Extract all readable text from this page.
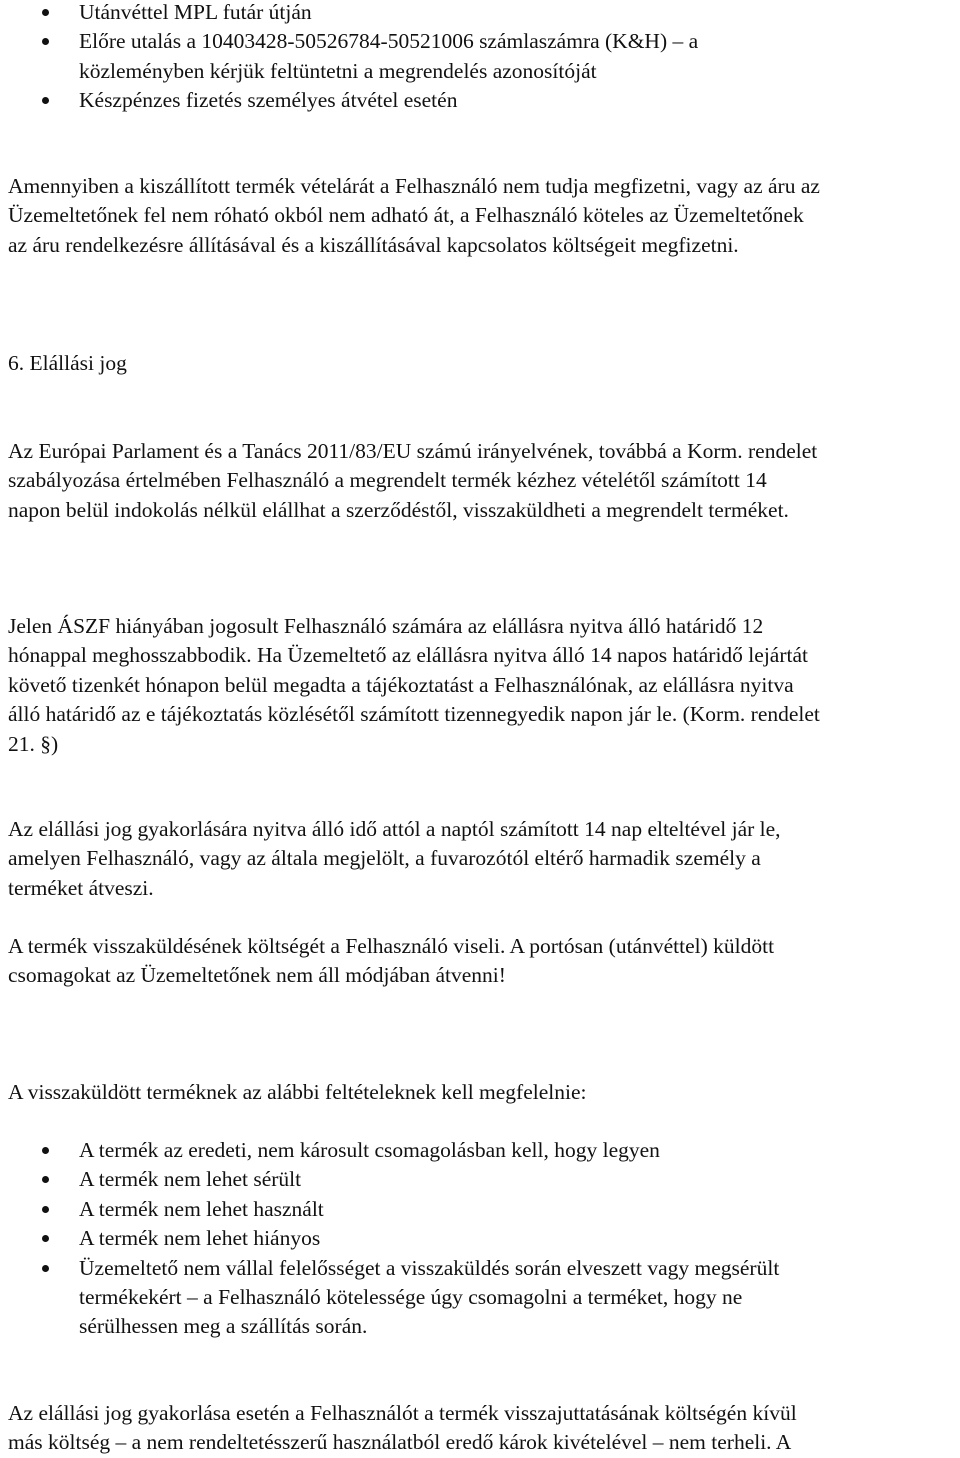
Utánvéttel MPL futár útján
Előre utalás a 10403428-50526784-50521006 számlaszámra (K&H) – a
közleményben kérjük feltüntetni a megrendelés azonosítóját
Készpénzes fizetés személyes átvétel esetén

Amennyiben a kiszállított termék vételárát a Felhasználó nem tudja megfizetni, vagy az áru az
Üzemeltetőnek fel nem róható okból nem adható át, a Felhasználó köteles az Üzemeltetőnek
az áru rendelkezésre állításával és a kiszállításával kapcsolatos költségeit megfizetni.

6. Elállási jog

Az Európai Parlament és a Tanács 2011/83/EU számú irányelvének, továbbá a Korm. rendelet
szabályozása értelmében Felhasználó a megrendelt termék kézhez vételétől számított 14
napon belül indokolás nélkül elállhat a szerződéstől, visszaküldheti a megrendelt terméket.

Jelen ÁSZF hiányában jogosult Felhasználó számára az elállásra nyitva álló határidő 12
hónappal meghosszabbodik. Ha Üzemeltető az elállásra nyitva álló 14 napos határidő lejártát
követő tizenkét hónapon belül megadta a tájékoztatást a Felhasználónak, az elállásra nyitva
álló határidő az e tájékoztatás közlésétől számított tizennegyedik napon jár le. (Korm. rendelet
21. §)

Az elállási jog gyakorlására nyitva álló idő attól a naptól számított 14 nap elteltével jár le,
amelyen Felhasználó, vagy az általa megjelölt, a fuvarozótól eltérő harmadik személy a
terméket átveszi.

A termék visszaküldésének költségét a Felhasználó viseli. A portósan (utánvéttel) küldött
csomagokat az Üzemeltetőnek nem áll módjában átvenni!

A visszaküldött terméknek az alábbi feltételeknek kell megfelelnie:

A termék az eredeti, nem károsult csomagolásban kell, hogy legyen
A termék nem lehet sérült
A termék nem lehet használt
A termék nem lehet hiányos
Üzemeltető nem vállal felelősséget a visszaküldés során elveszett vagy megsérült
termékekért – a Felhasználó kötelessége úgy csomagolni a terméket, hogy ne
sérülhessen meg a szállítás során.

Az elállási jog gyakorlása esetén a Felhasználót a termék visszajuttatásának költségén kívül
más költség – a nem rendeltetésszerű használatból eredő károk kivételével – nem terheli. A
